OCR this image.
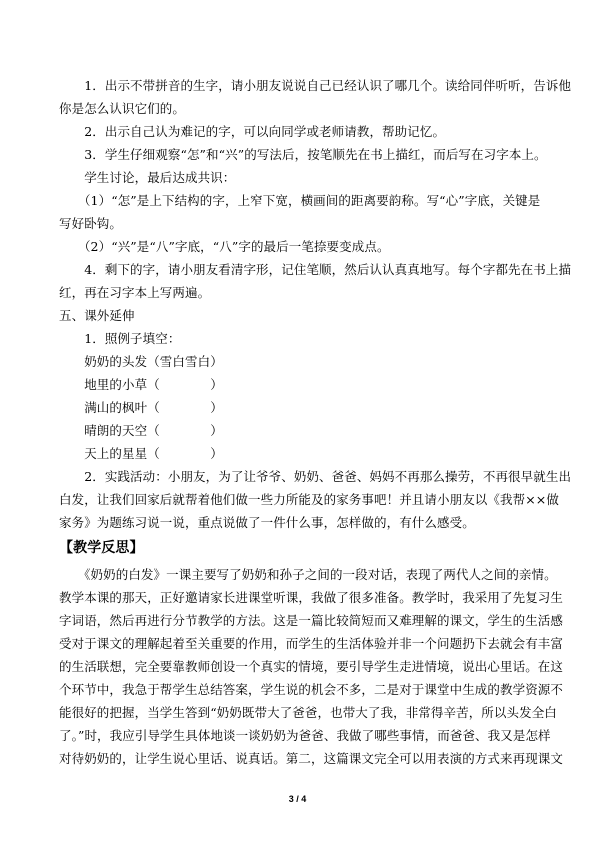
　　1．出示不带拼音的生字，请小朋友说说自己已经认识了哪几个。读给同伴听听，告诉他
你是怎么认识它们的。
　　2．出示自己认为难记的字，可以向同学或老师请教，帮助记忆。
　　3．学生仔细观察“怎”和“兴”的写法后，按笔顺先在书上描红，而后写在习字本上。
　　学生讨论，最后达成共识：
　　（1）“怎”是上下结构的字，上窄下宽，横画间的距离要韵称。写“心”字底，关键是
写好卧钩。
　　（2）“兴”是“八”字底，“八”字的最后一笔捺要变成点。
　　4．剩下的字，请小朋友看清字形，记住笔顺，然后认认真真地写。每个字都先在书上描
红，再在习字本上写两遍。
五、课外延伸
　　1．照例子填空：
　　奶奶的头发（雪白雪白）
　　地里的小草（　　　　）
　　满山的枫叶（　　　　）
　　晴朗的天空（　　　　）
　　天上的星星（　　　　）
　　2．实践活动：小朋友，为了让爷爷、奶奶、爸爸、妈妈不再那么操劳，不再很早就生出
白发，让我们回家后就帮着他们做一些力所能及的家务事吧！并且请小朋友以《我帮××做
家务》为题练习说一说，重点说做了一件什么事，怎样做的，有什么感受。
【教学反思】
　　《奶奶的白发》一课主要写了奶奶和孙子之间的一段对话，表现了两代人之间的亲情。
教学本课的那天，正好邀请家长进课堂听课，我做了很多准备。教学时，我采用了先复习生
字词语，然后再进行分节教学的方法。这是一篇比较简短而又难理解的课文，学生的生活感
受对于课文的理解起着至关重要的作用，而学生的生活体验并非一个问题扔下去就会有丰富
的生活联想，完全要靠教师创设一个真实的情境，要引导学生走进情境，说出心里话。在这
个环节中，我急于帮学生总结答案，学生说的机会不多，二是对于课堂中生成的教学资源不
能很好的把握，当学生答到“奶奶既带大了爸爸，也带大了我，非常得辛苦，所以头发全白
了。”时，我应引导学生具体地谈一谈奶奶为爸爸、我做了哪些事情，而爸爸、我又是怎样
对待奶奶的，让学生说心里话、说真话。第二，这篇课文完全可以用表演的方式来再现课文
3 / 4
